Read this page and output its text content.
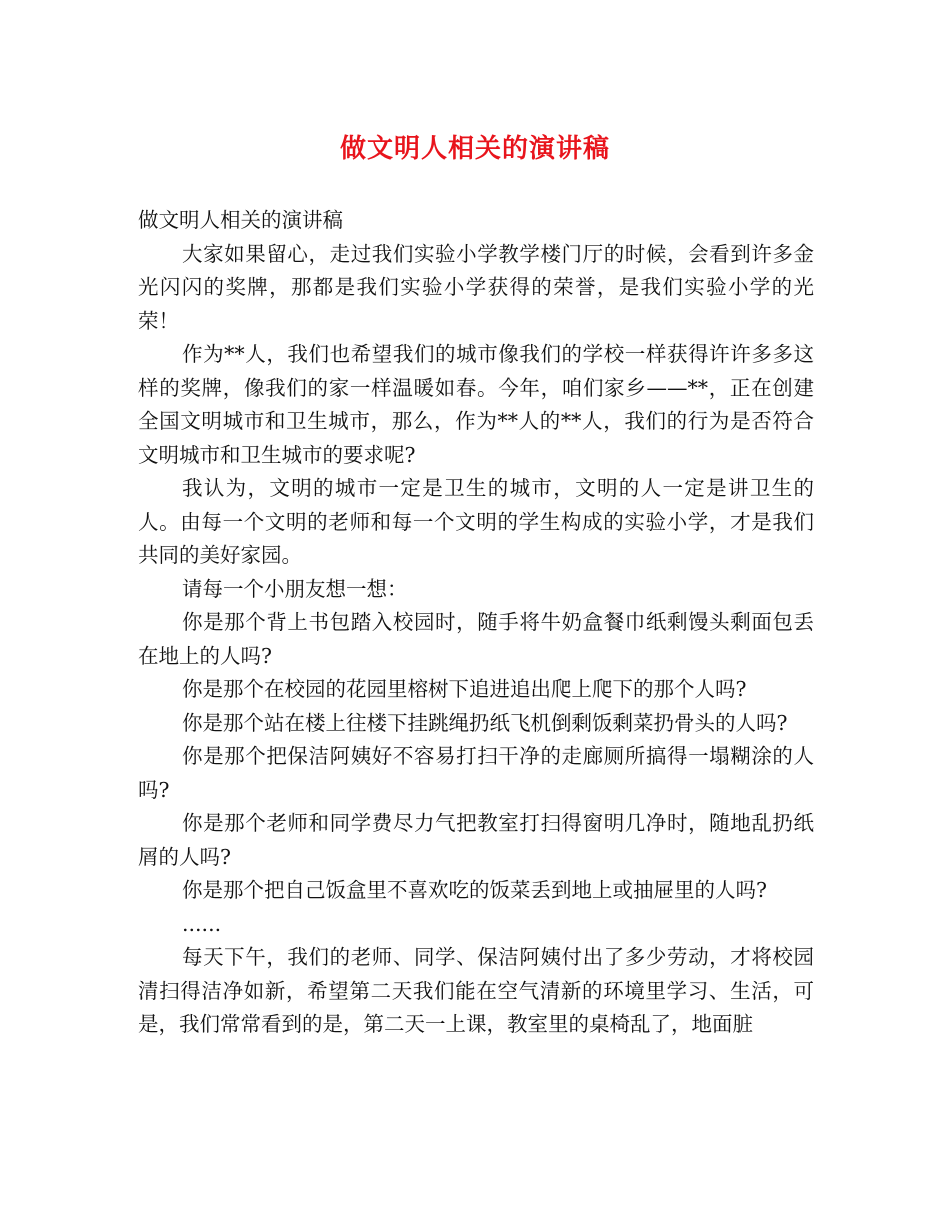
做文明人相关的演讲稿

做文明人相关的演讲稿

大家如果留心，走过我们实验小学教学楼门厅的时候，会看到许多金光闪闪的奖牌，那都是我们实验小学获得的荣誉，是我们实验小学的光荣！

作为**人，我们也希望我们的城市像我们的学校一样获得许许多多这样的奖牌，像我们的家一样温暖如春。今年，咱们家乡——**，正在创建全国文明城市和卫生城市，那么，作为**人的**人，我们的行为是否符合文明城市和卫生城市的要求呢?

我认为，文明的城市一定是卫生的城市，文明的人一定是讲卫生的人。由每一个文明的老师和每一个文明的学生构成的实验小学，才是我们共同的美好家园。

请每一个小朋友想一想：

你是那个背上书包踏入校园时，随手将牛奶盒餐巾纸剩馒头剩面包丢在地上的人吗?

你是那个在校园的花园里榕树下追进追出爬上爬下的那个人吗?

你是那个站在楼上往楼下挂跳绳扔纸飞机倒剩饭剩菜扔骨头的人吗?

你是那个把保洁阿姨好不容易打扫干净的走廊厕所搞得一塌糊涂的人吗?

你是那个老师和同学费尽力气把教室打扫得窗明几净时，随地乱扔纸屑的人吗?

你是那个把自己饭盒里不喜欢吃的饭菜丢到地上或抽屉里的人吗?

......

每天下午，我们的老师、同学、保洁阿姨付出了多少劳动，才将校园清扫得洁净如新，希望第二天我们能在空气清新的环境里学习、生活，可是，我们常常看到的是，第二天一上课，教室里的桌椅乱了，地面脏
